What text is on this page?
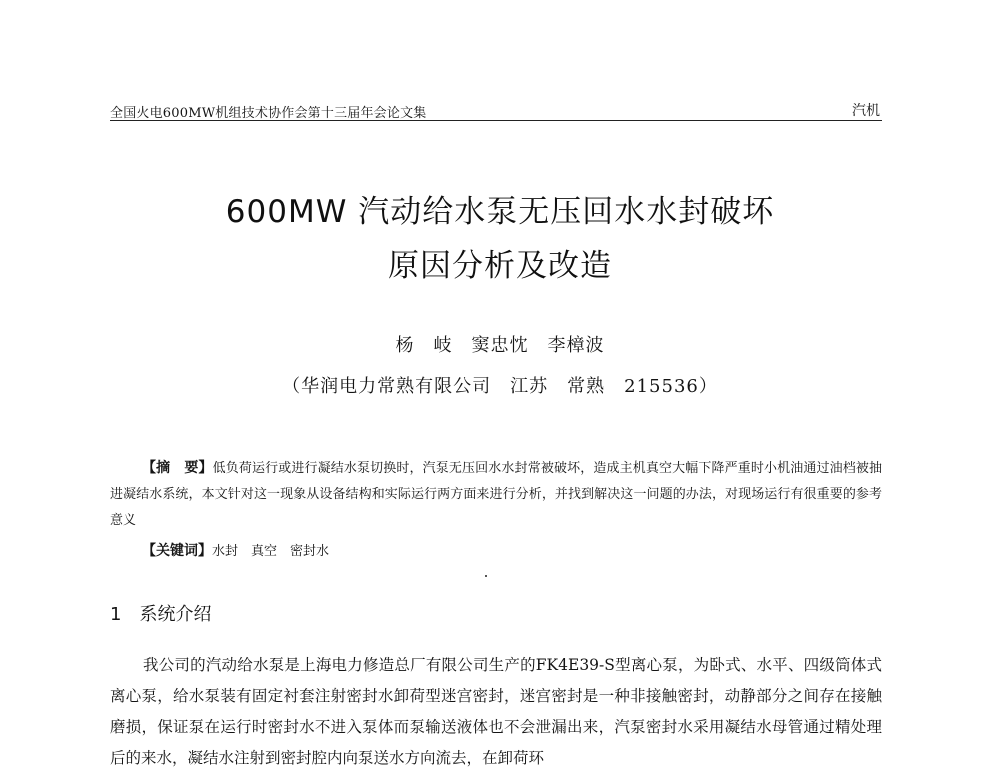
全国火电600MW机组技术协作会第十三届年会论文集	汽机
600MW 汽动给水泵无压回水水封破坏
原因分析及改造
杨　岐　窦忠忱　李樟波
（华润电力常熟有限公司　江苏　常熟　215536）

【摘　要】低负荷运行或进行凝结水泵切换时，汽泵无压回水水封常被破坏，造成主机真空大幅下降严重时小机油通过油档被抽进凝结水系统，本文针对这一现象从设备结构和实际运行两方面来进行分析，并找到解决这一问题的办法，对现场运行有很重要的参考意义

【关键词】水封　真空　密封水

1 系统介绍

我公司的汽动给水泵是上海电力修造总厂有限公司生产的FK4E39-S型离心泵，为卧式、水平、四级筒体式离心泵，给水泵装有固定衬套注射密封水卸荷型迷宫密封，迷宫密封是一种非接触密封，动静部分之间存在接触磨损，保证泵在运行时密封水不进入泵体而泵输送液体也不会泄漏出来，汽泵密封水采用凝结水母管通过精处理后的来水，凝结水注射到密封腔内向泵送水方向流去，在卸荷环
